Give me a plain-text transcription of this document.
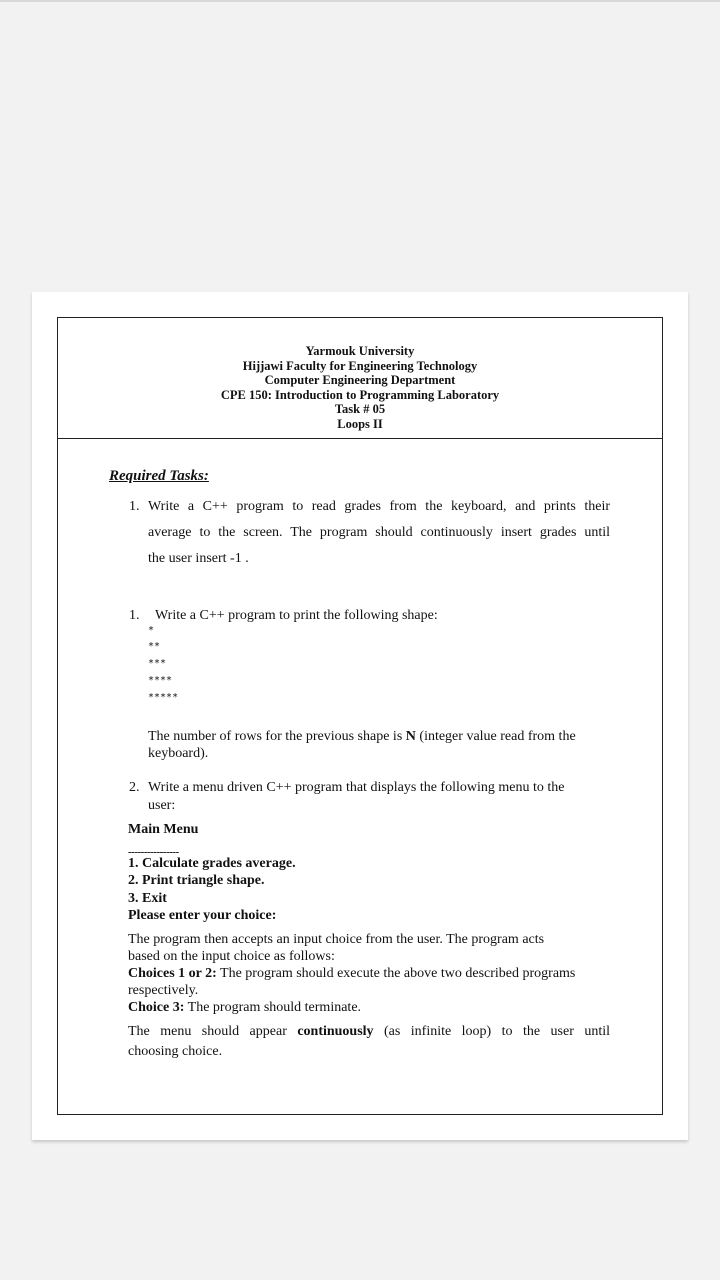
Yarmouk University
Hijjawi Faculty for Engineering Technology
Computer Engineering Department
CPE 150: Introduction to Programming Laboratory
Task # 05
Loops II
Required Tasks:
1. Write a C++ program to read grades from the keyboard, and prints their
average to the screen. The program should continuously insert grades until
the user insert -1 .
1. Write a C++ program to print the following shape:
*
**
***
****
*****
The number of rows for the previous shape is N (integer value read from the
keyboard).
2. Write a menu driven C++ program that displays the following menu to the
user:
Main Menu
----------------
1. Calculate grades average.
2. Print triangle shape.
3. Exit
Please enter your choice:
The program then accepts an input choice from the user. The program acts
based on the input choice as follows:
Choices 1 or 2: The program should execute the above two described programs
respectively.
Choice 3: The program should terminate.
The menu should appear continuously (as infinite loop) to the user until
choosing choice.
